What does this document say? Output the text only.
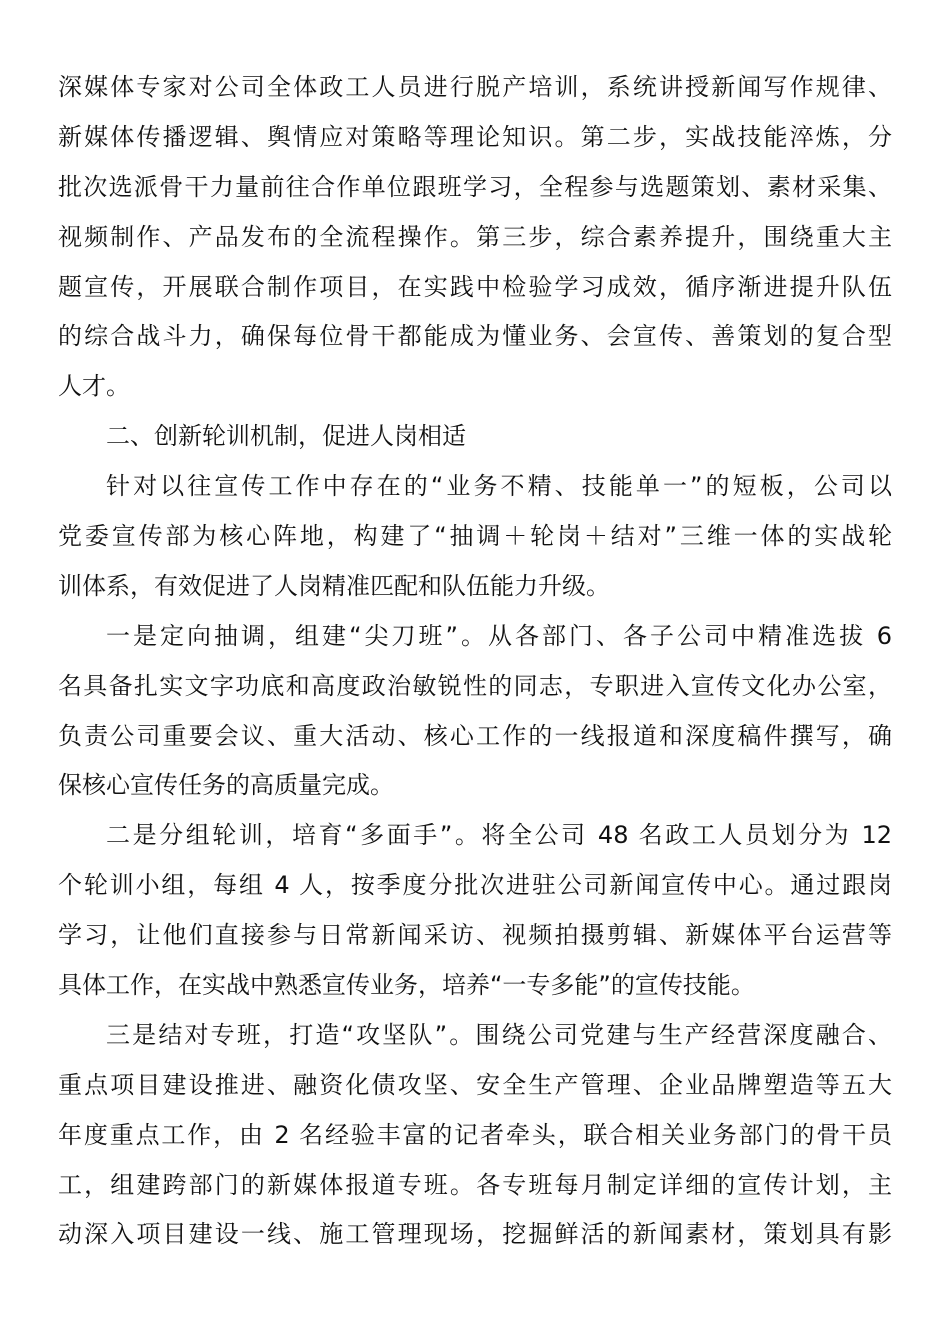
深媒体专家对公司全体政工人员进行脱产培训，系统讲授新闻写作规律、
新媒体传播逻辑、舆情应对策略等理论知识。第二步，实战技能淬炼，分
批次选派骨干力量前往合作单位跟班学习，全程参与选题策划、素材采集、
视频制作、产品发布的全流程操作。第三步，综合素养提升，围绕重大主
题宣传，开展联合制作项目，在实践中检验学习成效，循序渐进提升队伍
的综合战斗力，确保每位骨干都能成为懂业务、会宣传、善策划的复合型
人才。
二、创新轮训机制，促进人岗相适
针对以往宣传工作中存在的“业务不精、技能单一”的短板，公司以
党委宣传部为核心阵地，构建了“抽调＋轮岗＋结对”三维一体的实战轮
训体系，有效促进了人岗精准匹配和队伍能力升级。
一是定向抽调，组建“尖刀班”。从各部门、各子公司中精准选拔 6
名具备扎实文字功底和高度政治敏锐性的同志，专职进入宣传文化办公室，
负责公司重要会议、重大活动、核心工作的一线报道和深度稿件撰写，确
保核心宣传任务的高质量完成。
二是分组轮训，培育“多面手”。将全公司 48 名政工人员划分为 12
个轮训小组，每组 4 人，按季度分批次进驻公司新闻宣传中心。通过跟岗
学习，让他们直接参与日常新闻采访、视频拍摄剪辑、新媒体平台运营等
具体工作，在实战中熟悉宣传业务，培养“一专多能”的宣传技能。
三是结对专班，打造“攻坚队”。围绕公司党建与生产经营深度融合、
重点项目建设推进、融资化债攻坚、安全生产管理、企业品牌塑造等五大
年度重点工作，由 2 名经验丰富的记者牵头，联合相关业务部门的骨干员
工，组建跨部门的新媒体报道专班。各专班每月制定详细的宣传计划，主
动深入项目建设一线、施工管理现场，挖掘鲜活的新闻素材，策划具有影
